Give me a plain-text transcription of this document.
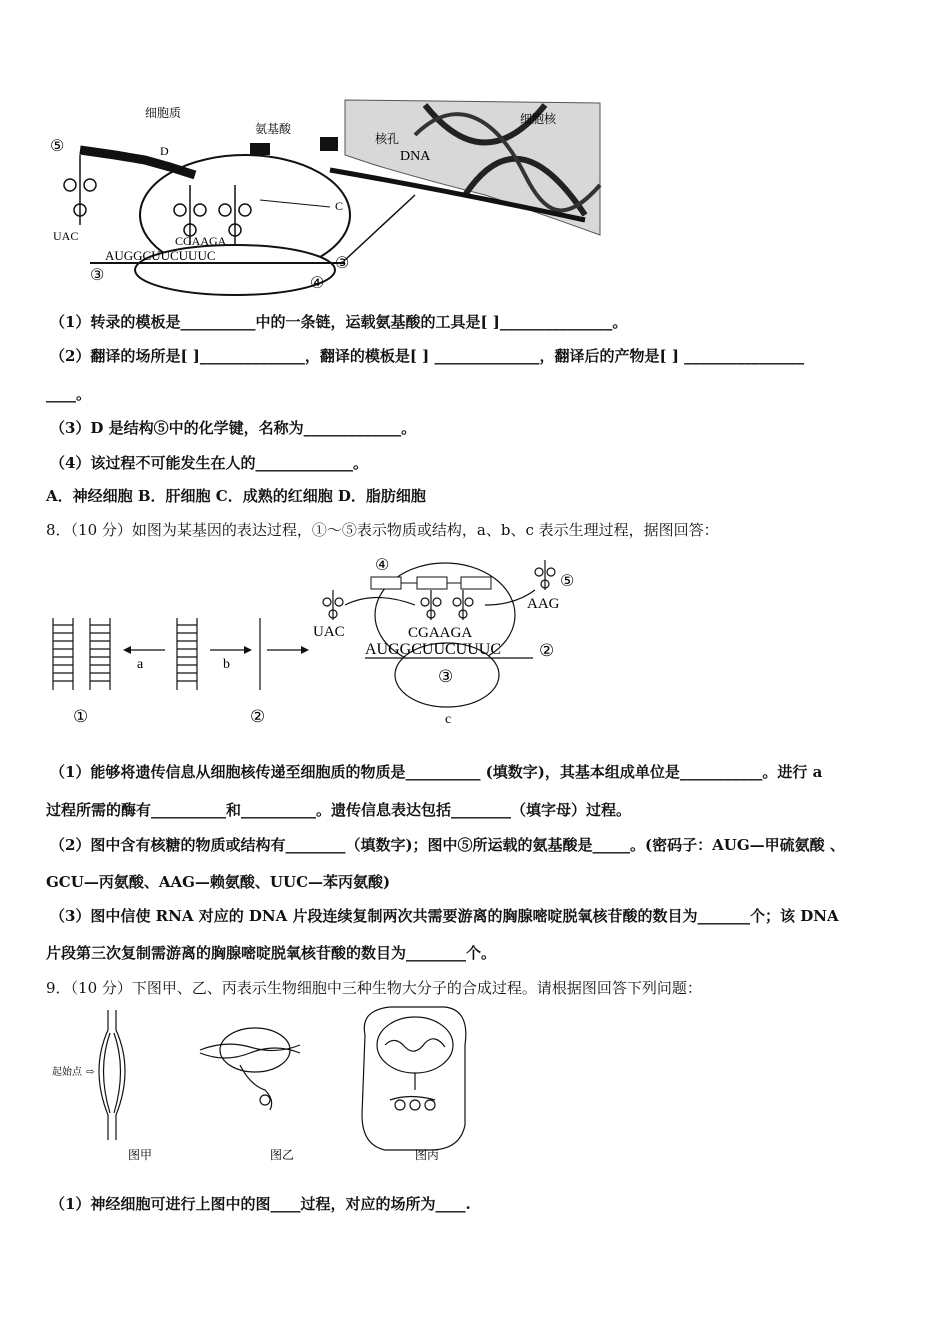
细胞质
氨基酸
细胞核
核孔
DNA
⑤	D
UAC	CGAAGA
C
AUGGCUUCUUUC
③
③
④
（1）转录的模板是__________中的一条链，运载氨基酸的工具是[ ]_______________。
（2）翻译的场所是[ ]______________，翻译的模板是[ ] ______________，翻译后的产物是[ ] ________________
____。
（3）D 是结构⑤中的化学键，名称为_____________。
（4）该过程不可能发生在人的_____________。
A．神经细胞 B．肝细胞 C．成熟的红细胞 D．脂肪细胞
8．（10 分）如图为某基因的表达过程，①～⑤表示物质或结构，a、b、c 表示生理过程，据图回答：
①
a	b
②
③
c
④
CGAAGA
AUGGCUUCUUUC ②
UAC
⑤
AAG
（1）能够将遗传信息从细胞核传递至细胞质的物质是__________ (填数字)，其基本组成单位是___________。进行 a
过程所需的酶有__________和__________。遗传信息表达包括________（填字母）过程。
（2）图中含有核糖的物质或结构有________（填数字)；图中⑤所运载的氨基酸是_____。(密码子：AUG—甲硫氨酸 、
GCU—丙氨酸、AAG—赖氨酸、UUC—苯丙氨酸)
（3）图中信使 RNA 对应的 DNA 片段连续复制两次共需要游离的胸腺嘧啶脱氧核苷酸的数目为_______个；该 DNA
片段第三次复制需游离的胸腺嘧啶脱氧核苷酸的数目为________个。
9．（10 分）下图甲、乙、丙表示生物细胞中三种生物大分子的合成过程。请根据图回答下列问题：
起始点 ⇨
图甲	图乙	图丙
（1）神经细胞可进行上图中的图____过程，对应的场所为____.
